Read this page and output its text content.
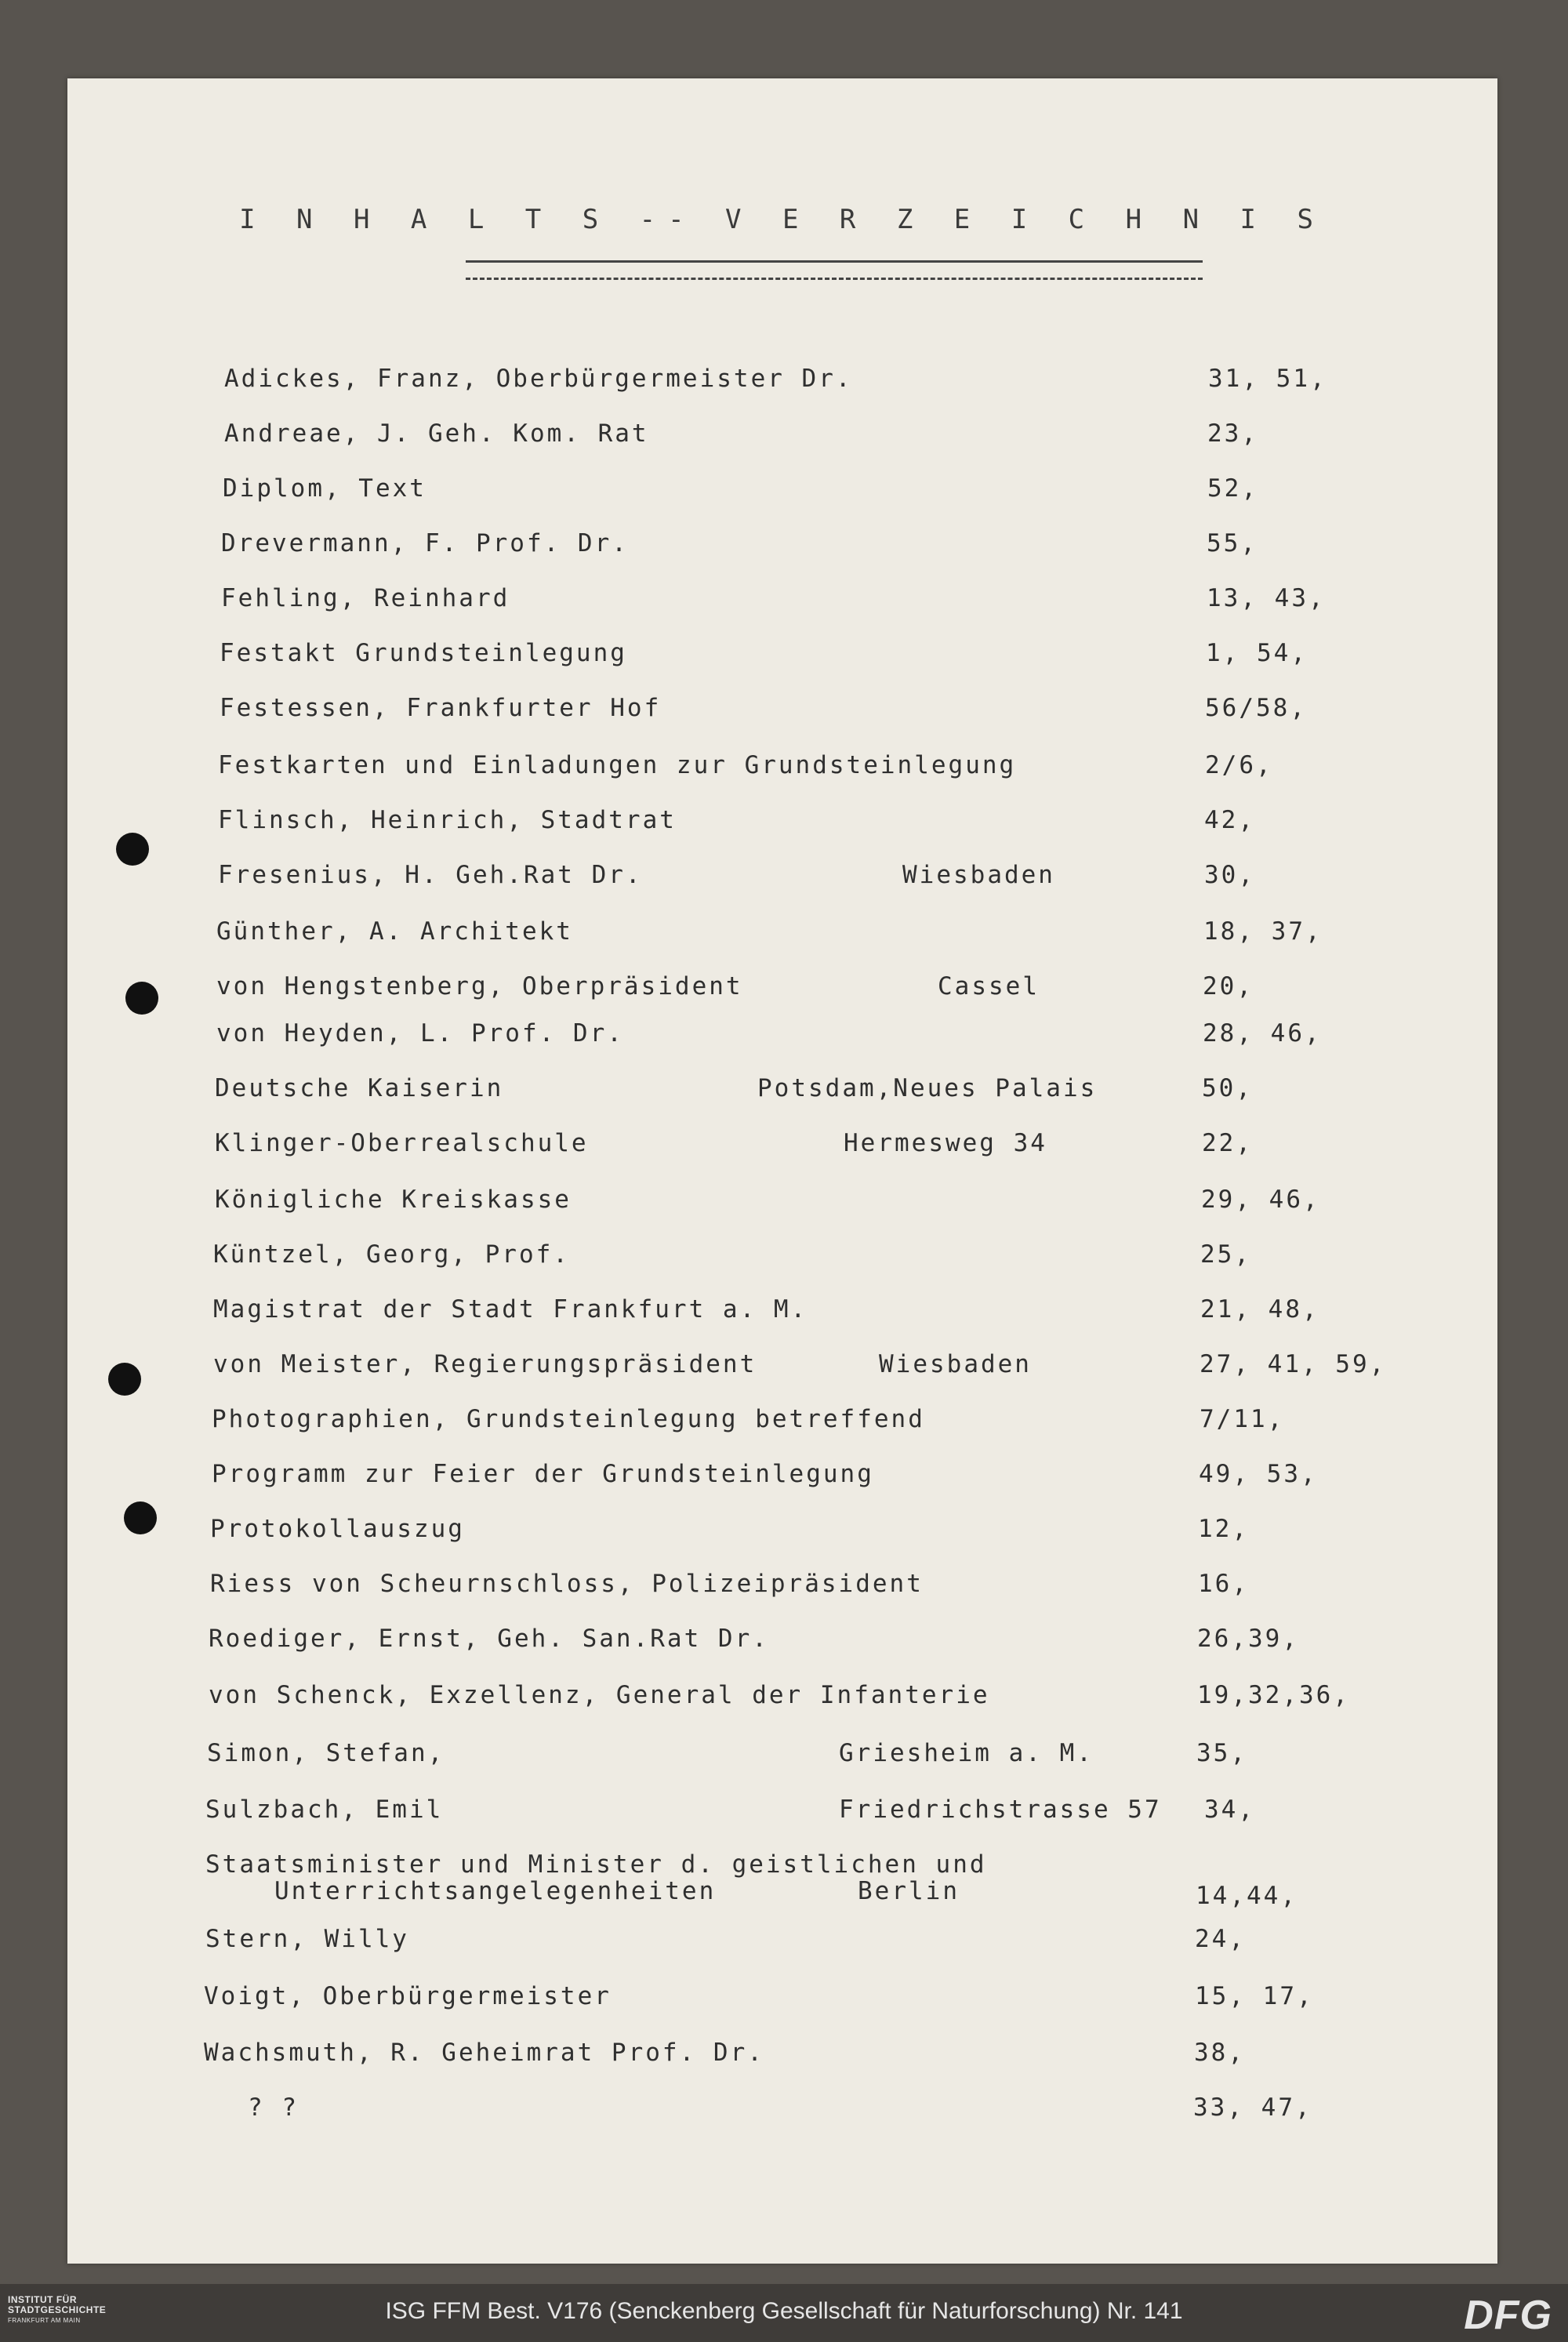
I N H A L T S -- V E R Z E I C H N I S
Adickes, Franz, Oberbürgermeister Dr.	31, 51,
Andreae, J. Geh. Kom. Rat	23,
Diplom, Text	52,
Drevermann, F. Prof. Dr.	55,
Fehling, Reinhard	13, 43,
Festakt Grundsteinlegung	1, 54,
Festessen, Frankfurter Hof	56/58,
Festkarten und Einladungen zur Grundsteinlegung	2/6,
Flinsch, Heinrich, Stadtrat	42,
Fresenius, H. Geh.Rat Dr.	Wiesbaden	30,
Günther, A. Architekt	18, 37,
von Hengstenberg, Oberpräsident	Cassel	20,
von Heyden, L. Prof. Dr.	28, 46,
Deutsche Kaiserin	Potsdam,Neues Palais	50,
Klinger-Oberrealschule	Hermesweg 34	22,
Königliche Kreiskasse	29, 46,
Küntzel, Georg, Prof.	25,
Magistrat der Stadt Frankfurt a. M.	21, 48,
von Meister, Regierungspräsident	Wiesbaden	27, 41, 59,
Photographien, Grundsteinlegung betreffend	7/11,
Programm zur Feier der Grundsteinlegung	49, 53,
Protokollauszug	12,
Riess von Scheurnschloss, Polizeipräsident	16,
Roediger, Ernst, Geh. San.Rat Dr.	26,39,
von Schenck, Exzellenz, General der Infanterie	19,32,36,
Simon, Stefan,	Griesheim a. M.	35,
Sulzbach, Emil	Friedrichstrasse 57 34,
Staatsminister und Minister d. geistlichen und
Unterrichtsangelegenheiten	Berlin	14,44,
Stern, Willy	24,
Voigt, Oberbürgermeister	15, 17,
Wachsmuth, R. Geheimrat Prof. Dr.	38,
? ?	33, 47,
INSTITUT FÜR
STADTGESCHICHTE
FRANKFURT AM MAIN	ISG FFM Best. V176 (Senckenberg Gesellschaft für Naturforschung) Nr. 141	DFG
